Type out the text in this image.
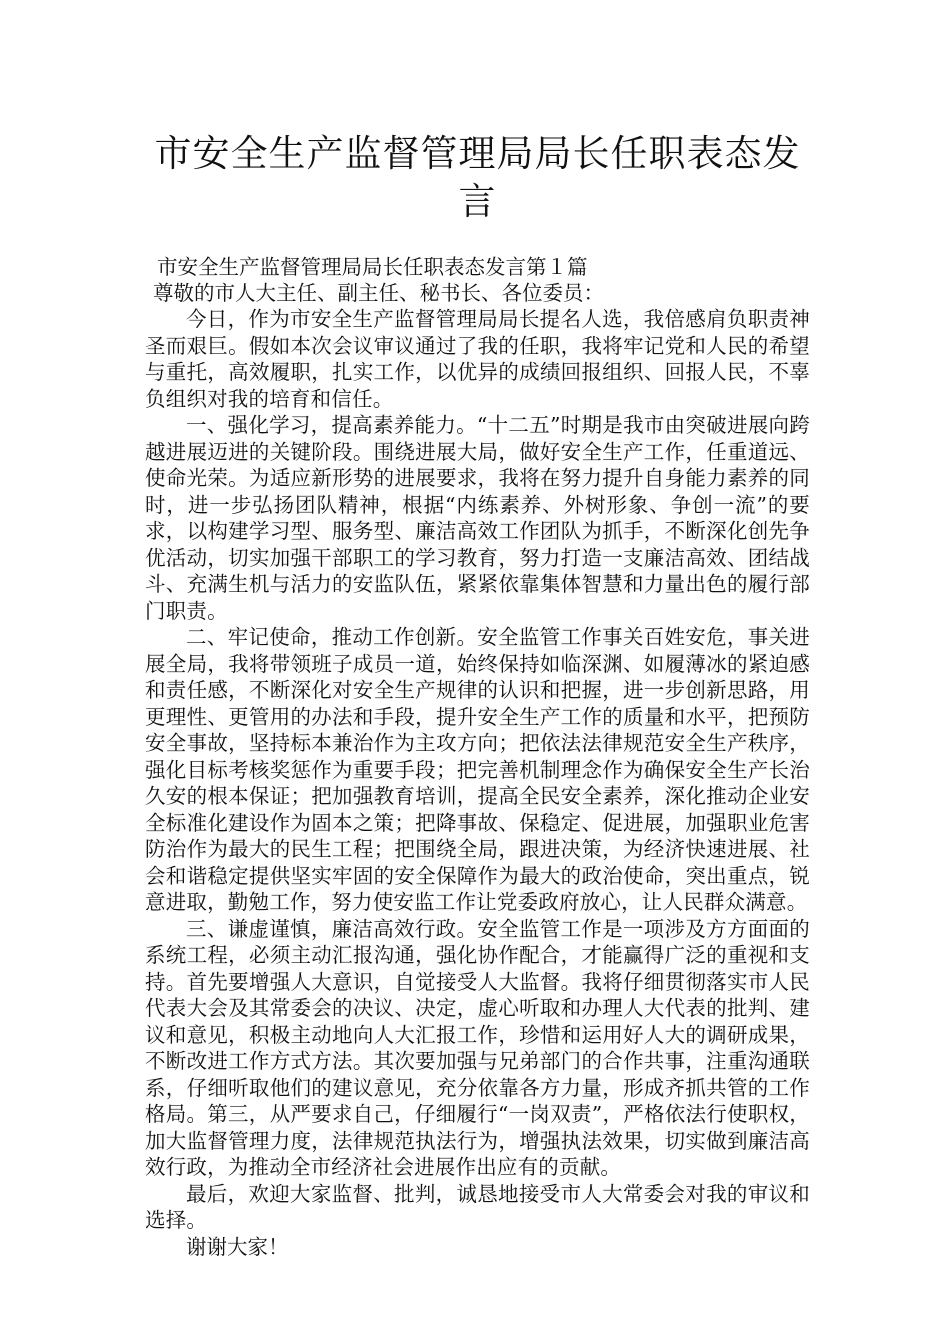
市安全生产监督管理局局长任职表态发言

市安全生产监督管理局局长任职表态发言第１篇

尊敬的市人大主任、副主任、秘书长、各位委员：

今日，作为市安全生产监督管理局局长提名人选，我倍感肩负职责神圣而艰巨。假如本次会议审议通过了我的任职，我将牢记党和人民的希望与重托，高效履职，扎实工作，以优异的成绩回报组织、回报人民，不辜负组织对我的培育和信任。

一、强化学习，提高素养能力。“十二五”时期是我市由突破进展向跨越进展迈进的关键阶段。围绕进展大局，做好安全生产工作，任重道远、使命光荣。为适应新形势的进展要求，我将在努力提升自身能力素养的同时，进一步弘扬团队精神，根据“内练素养、外树形象、争创一流”的要求，以构建学习型、服务型、廉洁高效工作团队为抓手，不断深化创先争优活动，切实加强干部职工的学习教育，努力打造一支廉洁高效、团结战斗、充满生机与活力的安监队伍，紧紧依靠集体智慧和力量出色的履行部门职责。

二、牢记使命，推动工作创新。安全监管工作事关百姓安危，事关进展全局，我将带领班子成员一道，始终保持如临深渊、如履薄冰的紧迫感和责任感，不断深化对安全生产规律的认识和把握，进一步创新思路，用更理性、更管用的办法和手段，提升安全生产工作的质量和水平，把预防安全事故，坚持标本兼治作为主攻方向；把依法法律规范安全生产秩序，强化目标考核奖惩作为重要手段；把完善机制理念作为确保安全生产长治久安的根本保证；把加强教育培训，提高全民安全素养，深化推动企业安全标准化建设作为固本之策；把降事故、保稳定、促进展，加强职业危害防治作为最大的民生工程；把围绕全局，跟进决策，为经济快速进展、社会和谐稳定提供坚实牢固的安全保障作为最大的政治使命，突出重点，锐意进取，勤勉工作，努力使安监工作让党委政府放心，让人民群众满意。

三、谦虚谨慎，廉洁高效行政。安全监管工作是一项涉及方方面面的系统工程，必须主动汇报沟通，强化协作配合，才能赢得广泛的重视和支持。首先要增强人大意识，自觉接受人大监督。我将仔细贯彻落实市人民代表大会及其常委会的决议、决定，虚心听取和办理人大代表的批判、建议和意见，积极主动地向人大汇报工作，珍惜和运用好人大的调研成果，不断改进工作方式方法。其次要加强与兄弟部门的合作共事，注重沟通联系，仔细听取他们的建议意见，充分依靠各方力量，形成齐抓共管的工作格局。第三，从严要求自己，仔细履行“一岗双责”，严格依法行使职权，加大监督管理力度，法律规范执法行为，增强执法效果，切实做到廉洁高效行政，为推动全市经济社会进展作出应有的贡献。

最后，欢迎大家监督、批判，诚恳地接受市人大常委会对我的审议和选择。

谢谢大家！
